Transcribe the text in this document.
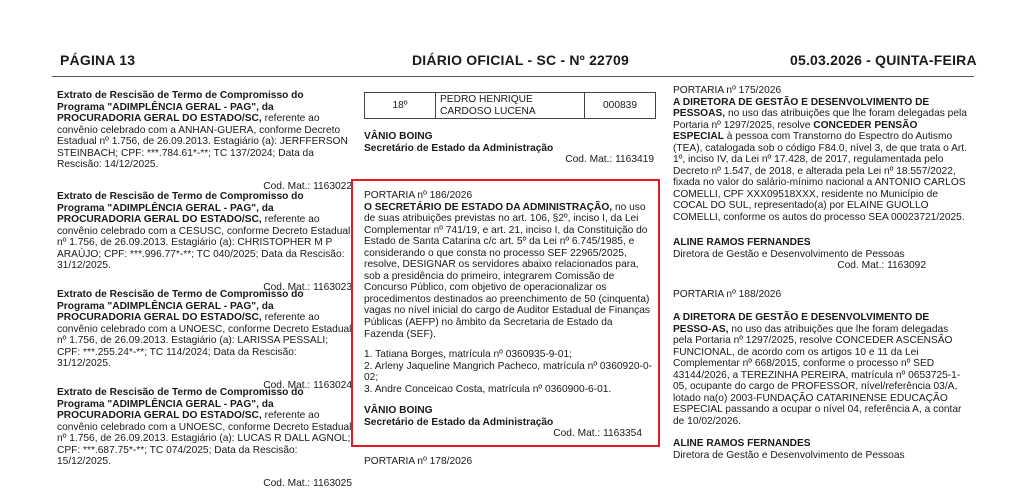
PÁGINA 13	DIÁRIO OFICIAL - SC - Nº 22709	05.03.2026 - QUINTA-FEIRA

Extrato de Rescisão de Termo de Compromisso do Programa "ADIMPLÊNCIA GERAL - PAG", da PROCURADORIA GERAL DO ESTADO/SC, referente ao convênio celebrado com a ANHAN-GUERA, conforme Decreto Estadual nº 1.756, de 26.09.2013. Estagiário (a): JERFFERSON STEINBACH; CPF: ***.784.61*-**; TC 137/2024; Data da Rescisão: 14/12/2025.

Cod. Mat.: 1163022

Extrato de Rescisão de Termo de Compromisso do Programa "ADIMPLÊNCIA GERAL - PAG", da PROCURADORIA GERAL DO ESTADO/SC, referente ao convênio celebrado com a CESUSC, conforme Decreto Estadual nº 1.756, de 26.09.2013. Estagiário (a): CHRISTOPHER M P ARAÚJO; CPF: ***.996.77*-**; TC 040/2025; Data da Rescisão: 31/12/2025.

Cod. Mat.: 1163023

Extrato de Rescisão de Termo de Compromisso do Programa "ADIMPLÊNCIA GERAL - PAG", da PROCURADORIA GERAL DO ESTADO/SC, referente ao convênio celebrado com a UNOESC, conforme Decreto Estadual nº 1.756, de 26.09.2013. Estagiário (a): LARISSA PESSALI; CPF: ***.255.24*-**; TC 114/2024; Data da Rescisão: 31/12/2025.

Cod. Mat.: 1163024

Extrato de Rescisão de Termo de Compromisso do Programa "ADIMPLÊNCIA GERAL - PAG", da PROCURADORIA GERAL DO ESTADO/SC, referente ao convênio celebrado com a UNOESC, conforme Decreto Estadual nº 1.756, de 26.09.2013. Estagiário (a): LUCAS R DALL AGNOL; CPF: ***.687.75*-**; TC 074/2025; Data da Rescisão: 15/12/2025.

Cod. Mat.: 1163025
18º	PEDRO HENRIQUE CARDOSO LUCENA	000839

VÂNIO BOING

Secretário de Estado da Administração

Cod. Mat.: 1163419

PORTARIA nº 186/2026

O SECRETÁRIO DE ESTADO DA ADMINISTRAÇÃO, no uso de suas atribuições previstas no art. 106, §2º, inciso I, da Lei Complementar nº 741/19, e art. 21, inciso I, da Constituição do Estado de Santa Catarina c/c art. 5º da Lei nº 6.745/1985, e considerando o que consta no processo SEF 22965/2025, resolve, DESIGNAR os servidores abaixo relacionados para, sob a presidência do primeiro, integrarem Comissão de Concurso Público, com objetivo de operacionalizar os procedimentos destinados ao preenchimento de 50 (cinquenta) vagas no nível inicial do cargo de Auditor Estadual de Finanças Públicas (AEFP) no âmbito da Secretaria de Estado da Fazenda (SEF).

1. Tatiana Borges, matrícula nº 0360935-9-01;

2. Arleny Jaqueline Mangrich Pacheco, matrícula nº 0360920-0-02;

3. Andre Conceicao Costa, matrícula nº 0360900-6-01.

VÂNIO BOING

Secretário de Estado da Administração

Cod. Mat.: 1163354

PORTARIA nº 178/2026

PORTARIA nº 175/2026

A DIRETORA DE GESTÃO E DESENVOLVIMENTO DE PESSOAS, no uso das atribuições que lhe foram delegadas pela Portaria nº 1297/2025, resolve CONCEDER PENSÃO ESPECIAL à pessoa com Transtorno do Espectro do Autismo (TEA), catalogada sob o código F84.0, nível 3, de que trata o Art. 1º, inciso IV, da Lei nº 17.428, de 2017, regulamentada pelo Decreto nº 1.547, de 2018, e alterada pela Lei nº 18.557/2022, fixada no valor do salário-mínimo nacional a ANTONIO CARLOS COMELLI, CPF XXX09518XXX, residente no Município de COCAL DO SUL, representado(a) por ELAINE GUOLLO COMELLI, conforme os autos do processo SEA 00023721/2025.

ALINE RAMOS FERNANDES

Diretora de Gestão e Desenvolvimento de Pessoas

Cod. Mat.: 1163092

PORTARIA nº 188/2026

A DIRETORA DE GESTÃO E DESENVOLVIMENTO DE PESSO-AS, no uso das atribuições que lhe foram delegadas pela Portaria nº 1297/2025, resolve CONCEDER ASCENSÃO FUNCIONAL, de acordo com os artigos 10 e 11 da Lei Complementar nº 668/2015, conforme o processo nº SED 43144/2026, a TEREZINHA PEREIRA, matrícula nº 0653725-1-05, ocupante do cargo de PROFESSOR, nível/referência 03/A, lotado na(o) 2003-FUNDAÇÃO CATARINENSE EDUCAÇÃO ESPECIAL passando a ocupar o nível 04, referência A, a contar de 10/02/2026.

ALINE RAMOS FERNANDES

Diretora de Gestão e Desenvolvimento de Pessoas
